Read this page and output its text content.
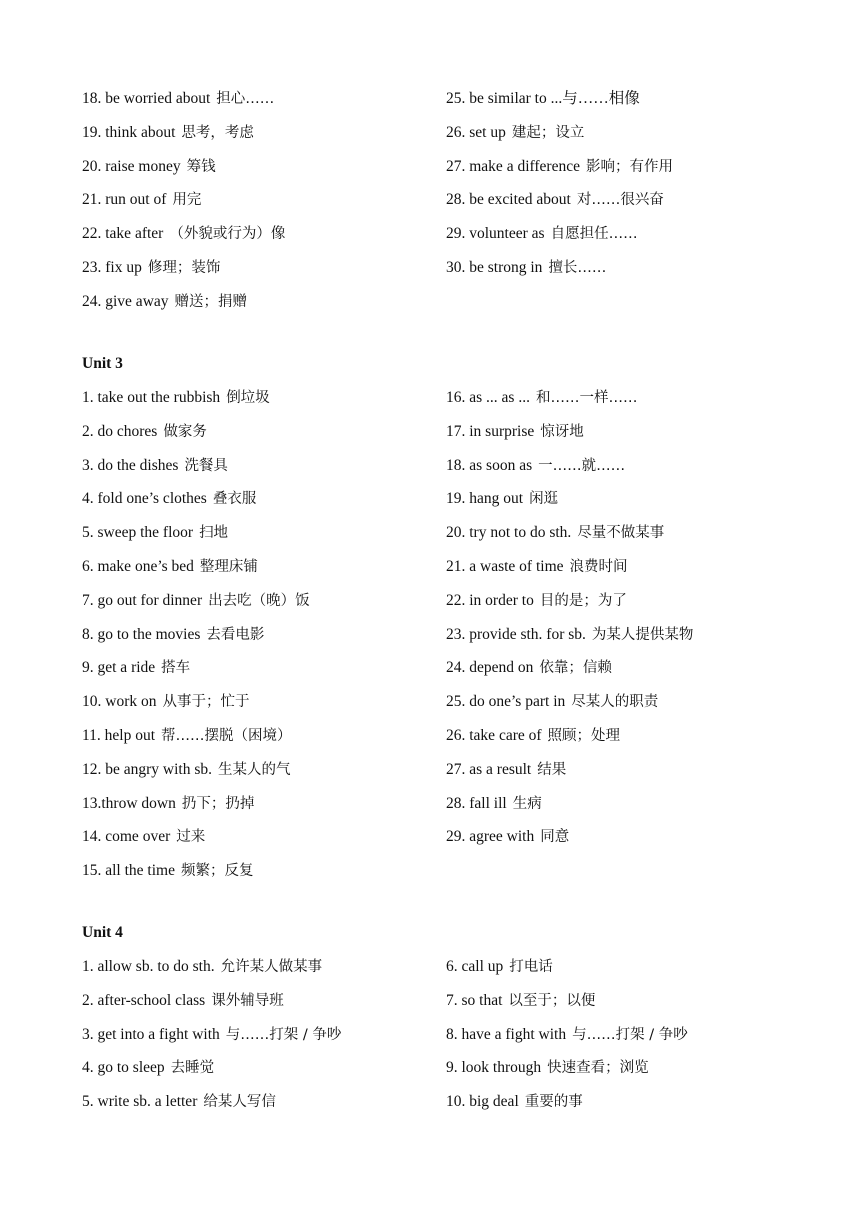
18. be worried about 担心……
19. think about 思考，考虑
20. raise money 筹钱
21. run out of 用完
22. take after （外貌或行为）像
23. fix up 修理；装饰
24. give away 赠送；捐赠
25. be similar to ...与……相像
26. set up 建起；设立
27. make a difference 影响；有作用
28. be excited about 对……很兴奋
29. volunteer as 自愿担任……
30. be strong in 擅长……
Unit 3
1. take out the rubbish 倒垃圾
2. do chores 做家务
3. do the dishes 洗餐具
4. fold one’s clothes 叠衣服
5. sweep the floor 扫地
6. make one’s bed 整理床铺
7. go out for dinner 出去吃（晚）饭
8. go to the movies 去看电影
9. get a ride 搭车
10. work on 从事于；忙于
11. help out 帮……摆脱（困境）
12. be angry with sb. 生某人的气
13.throw down 扔下；扔掉
14. come over 过来
15. all the time 频繁；反复
16. as ... as ... 和……一样……
17. in surprise 惊讶地
18. as soon as 一……就……
19. hang out 闲逛
20. try not to do sth. 尽量不做某事
21. a waste of time 浪费时间
22. in order to 目的是；为了
23. provide sth. for sb. 为某人提供某物
24. depend on 依靠；信赖
25. do one’s part in 尽某人的职责
26. take care of 照顾；处理
27. as a result 结果
28. fall ill 生病
29. agree with 同意
Unit 4
1. allow sb. to do sth. 允许某人做某事
2. after-school class 课外辅导班
3. get into a fight with 与……打架 / 争吵
4. go to sleep 去睡觉
5. write sb. a letter 给某人写信
6. call up 打电话
7. so that 以至于；以便
8. have a fight with 与……打架 / 争吵
9. look through 快速查看；浏览
10. big deal 重要的事
